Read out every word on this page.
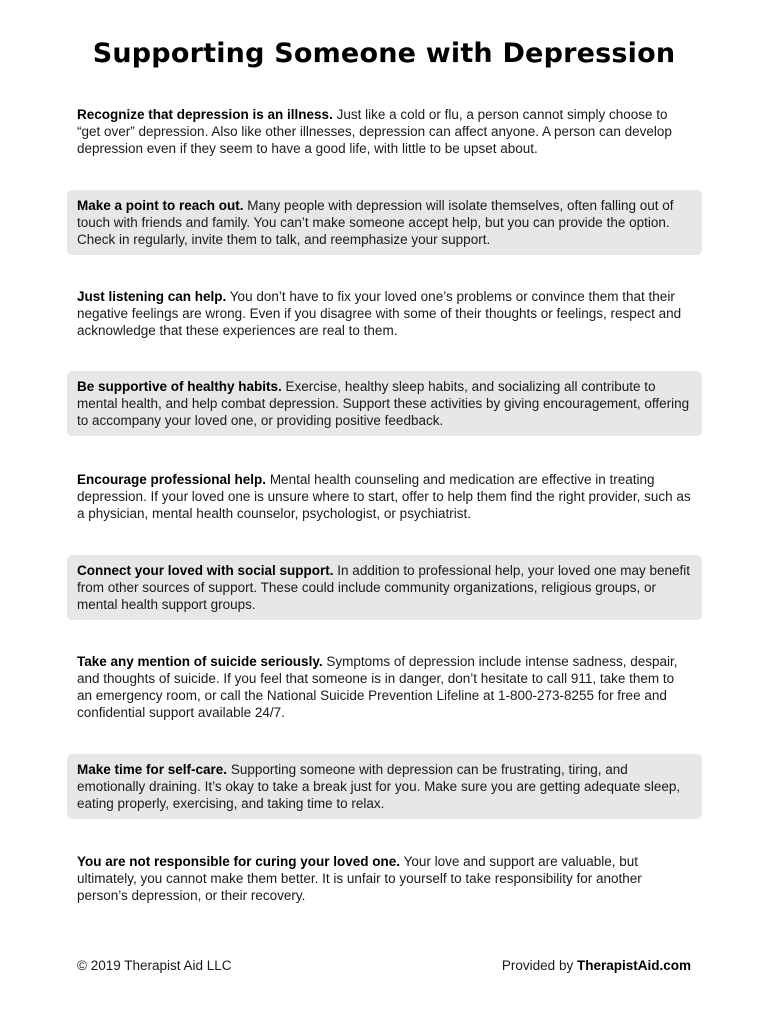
Supporting Someone with Depression
Recognize that depression is an illness. Just like a cold or flu, a person cannot simply choose to “get over” depression. Also like other illnesses, depression can affect anyone. A person can develop depression even if they seem to have a good life, with little to be upset about.
Make a point to reach out. Many people with depression will isolate themselves, often falling out of touch with friends and family. You can’t make someone accept help, but you can provide the option. Check in regularly, invite them to talk, and reemphasize your support.
Just listening can help. You don’t have to fix your loved one’s problems or convince them that their negative feelings are wrong. Even if you disagree with some of their thoughts or feelings, respect and acknowledge that these experiences are real to them.
Be supportive of healthy habits. Exercise, healthy sleep habits, and socializing all contribute to mental health, and help combat depression. Support these activities by giving encouragement, offering to accompany your loved one, or providing positive feedback.
Encourage professional help. Mental health counseling and medication are effective in treating depression. If your loved one is unsure where to start, offer to help them find the right provider, such as a physician, mental health counselor, psychologist, or psychiatrist.
Connect your loved with social support. In addition to professional help, your loved one may benefit from other sources of support. These could include community organizations, religious groups, or mental health support groups.
Take any mention of suicide seriously. Symptoms of depression include intense sadness, despair, and thoughts of suicide. If you feel that someone is in danger, don’t hesitate to call 911, take them to an emergency room, or call the National Suicide Prevention Lifeline at 1-800-273-8255 for free and confidential support available 24/7.
Make time for self-care. Supporting someone with depression can be frustrating, tiring, and emotionally draining. It’s okay to take a break just for you. Make sure you are getting adequate sleep, eating properly, exercising, and taking time to relax.
You are not responsible for curing your loved one. Your love and support are valuable, but ultimately, you cannot make them better. It is unfair to yourself to take responsibility for another person’s depression, or their recovery.
© 2019 Therapist Aid LLC	Provided by TherapistAid.com
